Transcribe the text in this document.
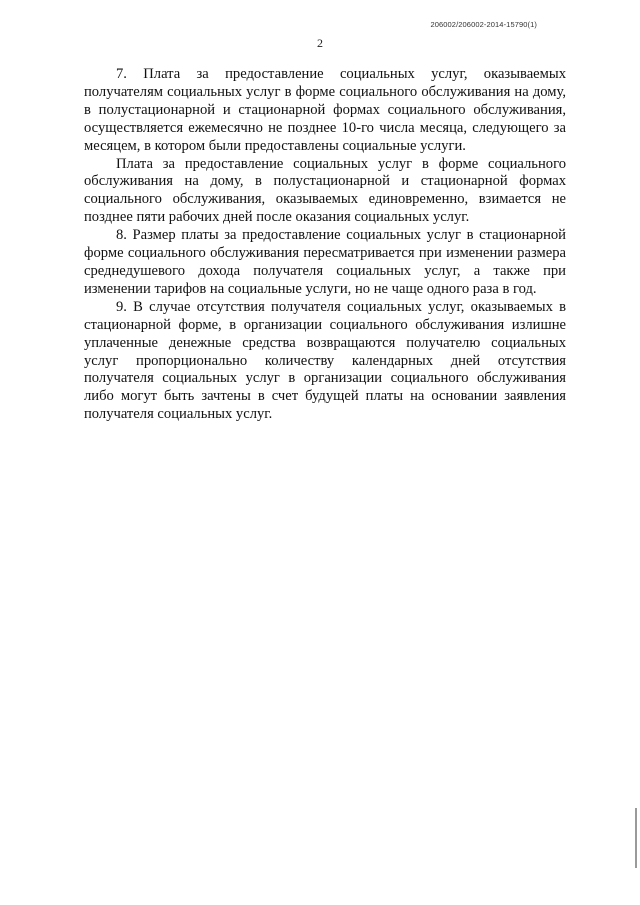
206002/206002-2014-15790(1)
2

7. Плата за предоставление социальных услуг, оказываемых получателям социальных услуг в форме социального обслуживания на дому, в полустационарной и стационарной формах социального обслуживания, осуществляется ежемесячно не позднее 10-го числа месяца, следующего за месяцем, в котором были предоставлены социальные услуги.

Плата за предоставление социальных услуг в форме социального обслуживания на дому, в полустационарной и стационарной формах социального обслуживания, оказываемых единовременно, взимается не позднее пяти рабочих дней после оказания социальных услуг.

8. Размер платы за предоставление социальных услуг в стационарной форме социального обслуживания пересматривается при изменении размера среднедушевого дохода получателя социальных услуг, а также при изменении тарифов на социальные услуги, но не чаще одного раза в год.

9. В случае отсутствия получателя социальных услуг, оказываемых в стационарной форме, в организации социального обслуживания излишне уплаченные денежные средства возвращаются получателю социальных услуг пропорционально количеству календарных дней отсутствия получателя социальных услуг в организации социального обслуживания либо могут быть зачтены в счет будущей платы на основании заявления получателя социальных услуг.
